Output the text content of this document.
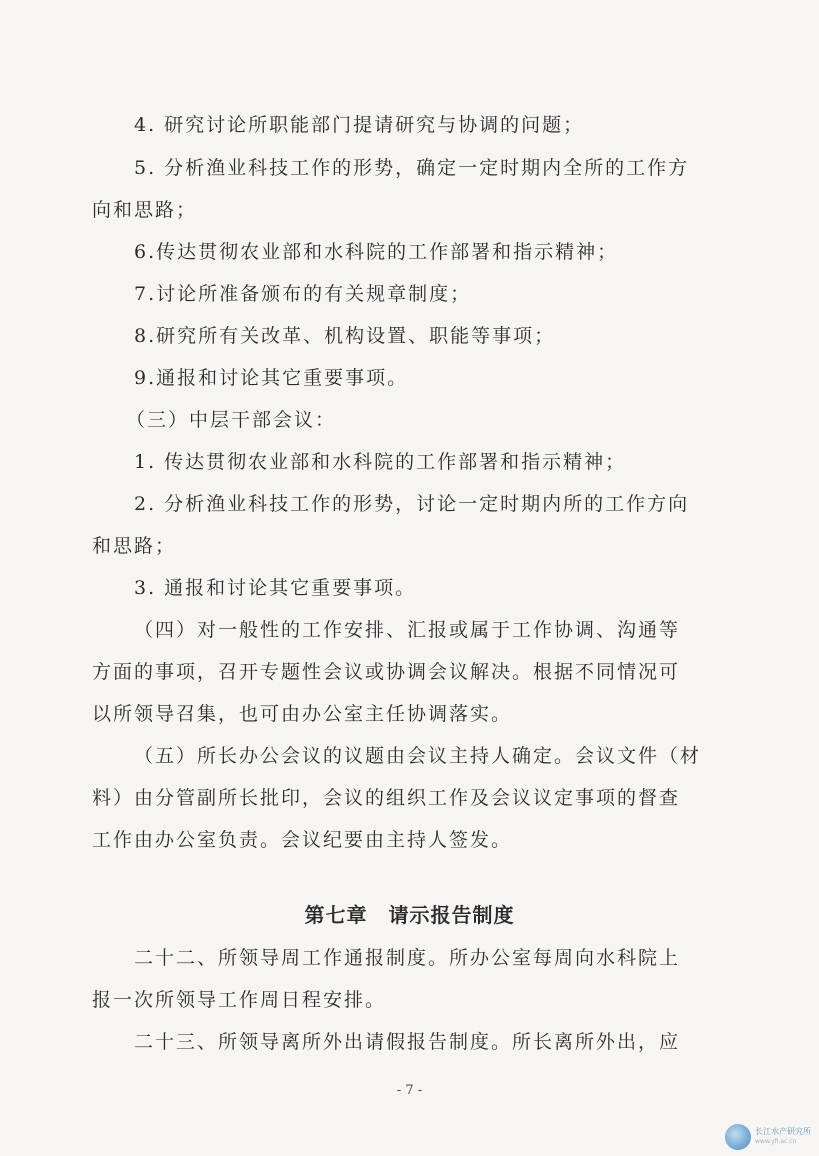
4. 研究讨论所职能部门提请研究与协调的问题；
5. 分析渔业科技工作的形势，确定一定时期内全所的工作方
向和思路；
6.传达贯彻农业部和水科院的工作部署和指示精神；
7.讨论所准备颁布的有关规章制度；
8.研究所有关改革、机构设置、职能等事项；
9.通报和讨论其它重要事项。
（三）中层干部会议：
1. 传达贯彻农业部和水科院的工作部署和指示精神；
2. 分析渔业科技工作的形势，讨论一定时期内所的工作方向
和思路；
3. 通报和讨论其它重要事项。
（四）对一般性的工作安排、汇报或属于工作协调、沟通等
方面的事项，召开专题性会议或协调会议解决。根据不同情况可
以所领导召集，也可由办公室主任协调落实。
（五）所长办公会议的议题由会议主持人确定。会议文件（材
料）由分管副所长批印，会议的组织工作及会议议定事项的督查
工作由办公室负责。会议纪要由主持人签发。
第七章　请示报告制度
二十二、所领导周工作通报制度。所办公室每周向水科院上
报一次所领导工作周日程安排。
二十三、所领导离所外出请假报告制度。所长离所外出，应
- 7 -
长江水产研究所
www.yfi.ac.cn
